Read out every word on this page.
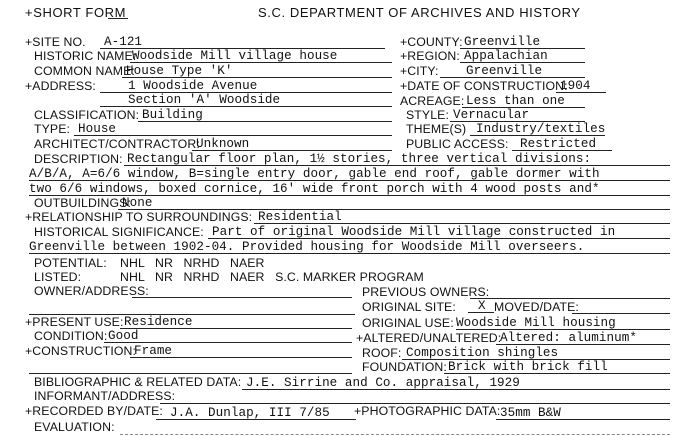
+SHORT FORM	S.C. DEPARTMENT OF ARCHIVES AND HISTORY
+SITE NO. A-121	+COUNTY: Greenville
HISTORIC NAME:
Woodside Mill village house	+REGION: Appalachian
COMMON NAME:
House Type 'K'	+CITY: Greenville
+ADDRESS:	1 Woodside Avenue
Section 'A' Woodside
+DATE OF CONSTRUCTION:
1904
ACREAGE: Less than one
CLASSIFICATION: Building	STYLE: Vernacular
TYPE: House	THEME(S) Industry/textiles
ARCHITECT/CONTRACTOR:
Unknown	PUBLIC ACCESS: Restricted
DESCRIPTION: Rectangular floor plan, 1½ stories, three vertical divisions:
A/B/A, A=6/6 window, B=single entry door, gable end roof, gable dormer with
two 6/6 windows, boxed cornice, 16' wide front porch with 4 wood posts and*
OUTBUILDINGS:
None
+RELATIONSHIP TO SURROUNDINGS: Residential
HISTORICAL SIGNIFICANCE: Part of original Woodside Mill village constructed in
Greenville between 1902-04. Provided housing for Woodside Mill overseers.
POTENTIAL: NHL   NR   NRHD   NAER
LISTED:	NHL   NR   NRHD   NAER   S.C. MARKER PROGRAM
OWNER/ADDRESS:	PREVIOUS OWNERS:
ORIGINAL SITE: X MOVED/DATE:
+PRESENT USE: Residence	ORIGINAL USE: Woodside Mill housing
CONDITION: Good	+ALTERED/UNALTERED:
Altered: aluminum*
+CONSTRUCTION:
Frame	ROOF: Composition shingles
FOUNDATION: Brick with brick fill
BIBLIOGRAPHIC & RELATED DATA: J.E. Sirrine and Co. appraisal, 1929
INFORMANT/ADDRESS:
+RECORDED BY/DATE: J.A. Dunlap, III 7/85 +PHOTOGRAPHIC DATA: 35mm B&W
EVALUATION:
